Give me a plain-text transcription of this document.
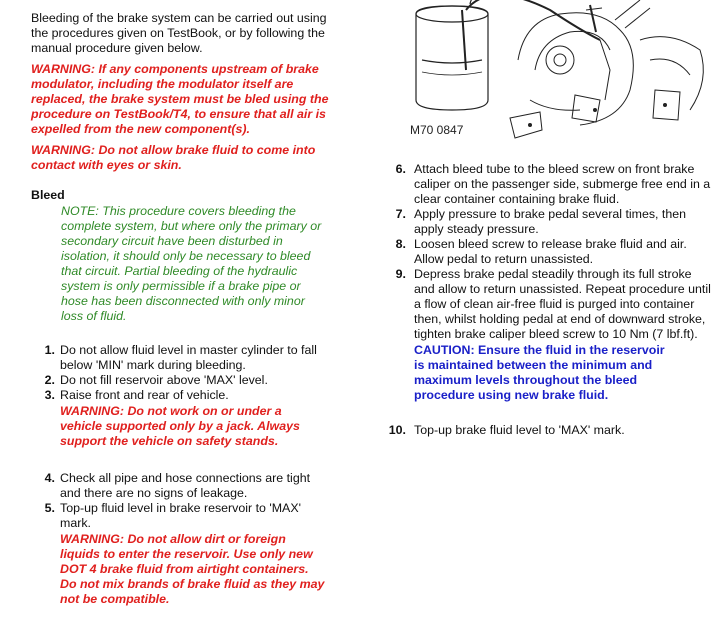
Bleeding of the brake system can be carried out using the procedures given on TestBook, or by following the manual procedure given below.

WARNING: If any components upstream of brake modulator, including the modulator itself are replaced, the brake system must be bled using the procedure on TestBook/T4, to ensure that all air is expelled from the new component(s).

WARNING: Do not allow brake fluid to come into contact with eyes or skin.

Bleed

NOTE: This procedure covers bleeding the complete system, but where only the primary or secondary circuit have been disturbed in isolation, it should only be necessary to bleed that circuit. Partial bleeding of the hydraulic system is only permissible if a brake pipe or hose has been disconnected with only minor loss of fluid.

1. Do not allow fluid level in master cylinder to fall below 'MIN' mark during bleeding.
2. Do not fill reservoir above 'MAX' level.
3. Raise front and rear of vehicle.

WARNING: Do not work on or under a vehicle supported only by a jack. Always support the vehicle on safety stands.

4. Check all pipe and hose connections are tight and there are no signs of leakage.
5. Top-up fluid level in brake reservoir to 'MAX' mark.

WARNING: Do not allow dirt or foreign liquids to enter the reservoir. Use only new DOT 4 brake fluid from airtight containers. Do not mix brands of brake fluid as they may not be compatible.

M70 0847
6. Attach bleed tube to the bleed screw on front brake caliper on the passenger side, submerge free end in a clear container containing brake fluid.
7. Apply pressure to brake pedal several times, then apply steady pressure.
8. Loosen bleed screw to release brake fluid and air. Allow pedal to return unassisted.
9. Depress brake pedal steadily through its full stroke and allow to return unassisted. Repeat procedure until a flow of clean air-free fluid is purged into container then, whilst holding pedal at end of downward stroke, tighten brake caliper bleed screw to 10 Nm (7 lbf.ft).

CAUTION: Ensure the fluid in the reservoir is maintained between the minimum and maximum levels throughout the bleed procedure using new brake fluid.

10. Top-up brake fluid level to 'MAX' mark.
